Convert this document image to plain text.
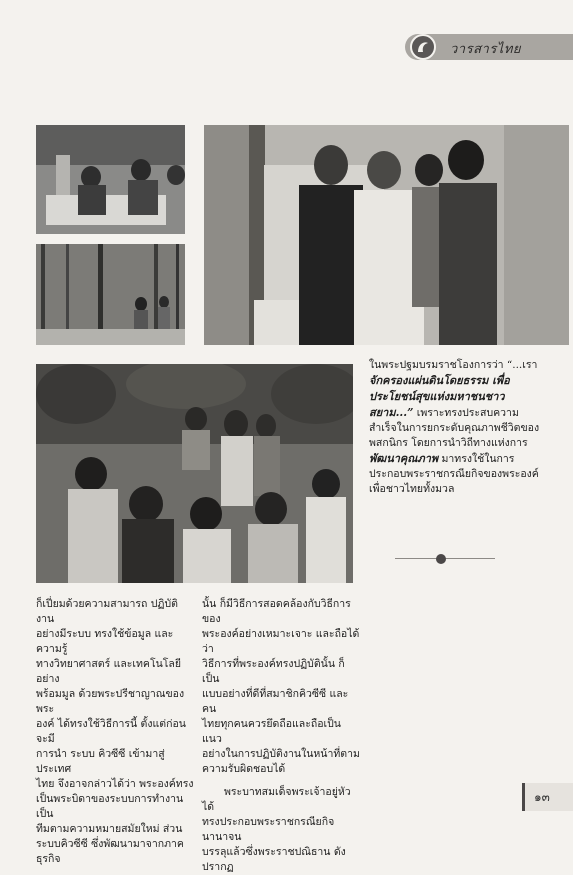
วารสารไทย
ในพระปฐมบรมราชโองการว่า “...เรา
จักครองแผ่นดินโดยธรรม เพื่อ
ประโยชน์สุขแห่งมหาชนชาว
สยาม...” เพราะทรงประสบความ
สำเร็จในการยกระดับคุณภาพชีวิตของ
พสกนิกร โดยการนำวิถีทางแห่งการ
พัฒนาคุณภาพ มาทรงใช้ในการ
ประกอบพระราชกรณียกิจของพระองค์
เพื่อชาวไทยทั้งมวล
ก็เปี่ยมด้วยความสามารถ ปฏิบัติงาน
อย่างมีระบบ ทรงใช้ข้อมูล และความรู้
ทางวิทยาศาสตร์ และเทคโนโลยีอย่าง
พร้อมมูล ด้วยพระปรีชาญาณของพระ
องค์ ได้ทรงใช้วิธีการนี้ ตั้งแต่ก่อนจะมี
การนำ ระบบ คิวซีซี เข้ามาสู่ประเทศ
ไทย จึงอาจกล่าวได้ว่า พระองค์ทรง
เป็นพระบิดาของระบบการทำงานเป็น
ทีมตามความหมายสมัยใหม่ ส่วน
ระบบคิวซีซี ซึ่งพัฒนามาจากภาคธุรกิจ
นั้น ก็มีวิธีการสอดคล้องกับวิธีการของ
พระองค์อย่างเหมาะเจาะ และถือได้ว่า
วิธีการที่พระองค์ทรงปฏิบัตินั้น ก็เป็น
แบบอย่างที่ดีที่สมาชิกคิวซีซี และคน
ไทยทุกคนควรยึดถือและถือเป็นแนว
อย่างในการปฏิบัติงานในหน้าที่ตาม
ความรับผิดชอบได้
พระบาทสมเด็จพระเจ้าอยู่หัว ได้
ทรงประกอบพระราชกรณียกิจนานาจน
บรรลุแล้วซึ่งพระราชปณิธาน ดังปรากฏ
๑๓
